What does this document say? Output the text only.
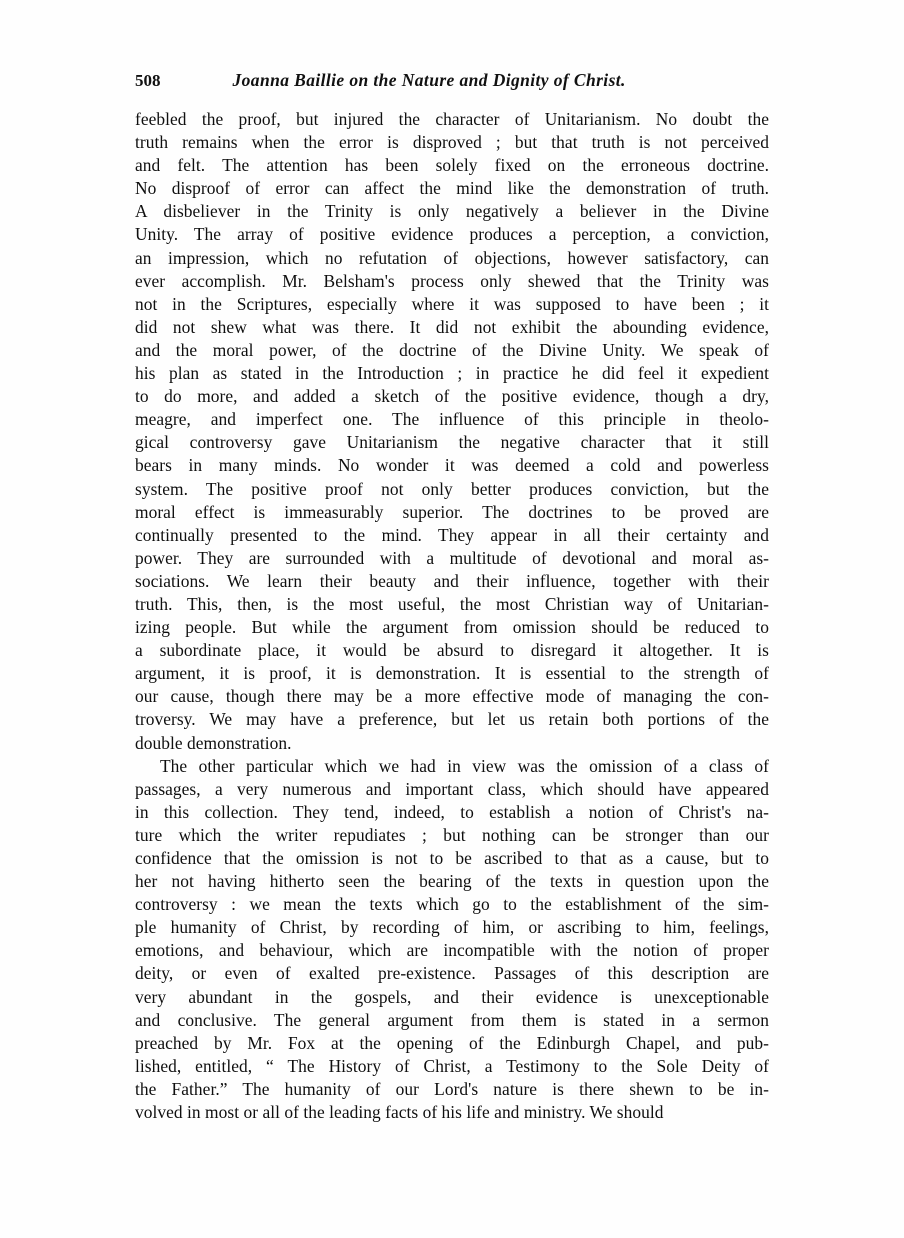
508	Joanna Baillie on the Nature and Dignity of Christ.
feebled the proof, but injured the character of Unitarianism. No doubt the
truth remains when the error is disproved ; but that truth is not perceived
and felt. The attention has been solely fixed on the erroneous doctrine.
No disproof of error can affect the mind like the demonstration of truth.
A disbeliever in the Trinity is only negatively a believer in the Divine
Unity. The array of positive evidence produces a perception, a conviction,
an impression, which no refutation of objections, however satisfactory, can
ever accomplish. Mr. Belsham's process only shewed that the Trinity was
not in the Scriptures, especially where it was supposed to have been ; it
did not shew what was there. It did not exhibit the abounding evidence,
and the moral power, of the doctrine of the Divine Unity. We speak of
his plan as stated in the Introduction ; in practice he did feel it expedient
to do more, and added a sketch of the positive evidence, though a dry,
meagre, and imperfect one. The influence of this principle in theolo-
gical controversy gave Unitarianism the negative character that it still
bears in many minds. No wonder it was deemed a cold and powerless
system. The positive proof not only better produces conviction, but the
moral effect is immeasurably superior. The doctrines to be proved are
continually presented to the mind. They appear in all their certainty and
power. They are surrounded with a multitude of devotional and moral as-
sociations. We learn their beauty and their influence, together with their
truth. This, then, is the most useful, the most Christian way of Unitarian-
izing people. But while the argument from omission should be reduced to
a subordinate place, it would be absurd to disregard it altogether. It is
argument, it is proof, it is demonstration. It is essential to the strength of
our cause, though there may be a more effective mode of managing the con-
troversy. We may have a preference, but let us retain both portions of the
double demonstration.
The other particular which we had in view was the omission of a class of
passages, a very numerous and important class, which should have appeared
in this collection. They tend, indeed, to establish a notion of Christ's na-
ture which the writer repudiates ; but nothing can be stronger than our
confidence that the omission is not to be ascribed to that as a cause, but to
her not having hitherto seen the bearing of the texts in question upon the
controversy : we mean the texts which go to the establishment of the sim-
ple humanity of Christ, by recording of him, or ascribing to him, feelings,
emotions, and behaviour, which are incompatible with the notion of proper
deity, or even of exalted pre-existence. Passages of this description are
very abundant in the gospels, and their evidence is unexceptionable
and conclusive. The general argument from them is stated in a sermon
preached by Mr. Fox at the opening of the Edinburgh Chapel, and pub-
lished, entitled, “ The History of Christ, a Testimony to the Sole Deity of
the Father.” The humanity of our Lord's nature is there shewn to be in-
volved in most or all of the leading facts of his life and ministry. We should
